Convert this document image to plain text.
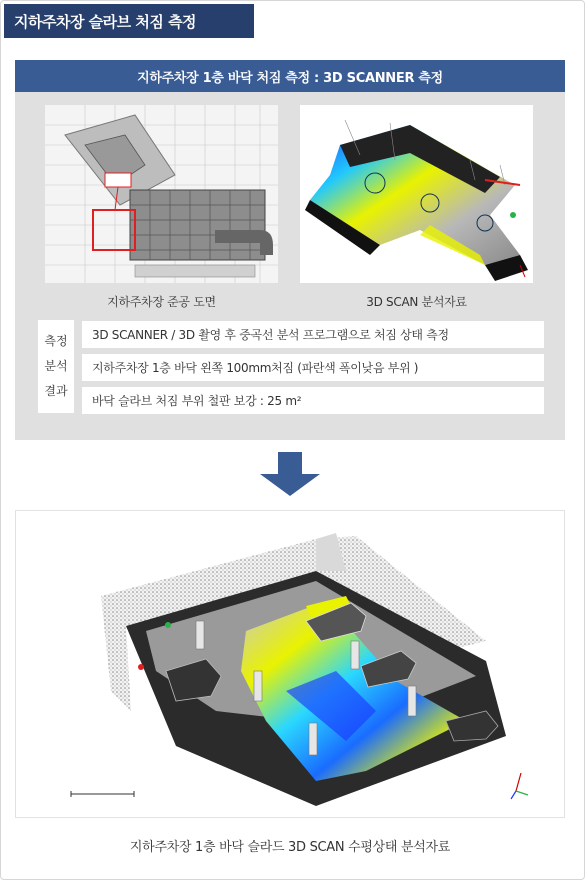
지하주차장 슬라브 처짐 측정
지하주차장 1층 바닥 처짐 측정 : 3D SCANNER 측정
지하주차장 준공 도면	3D SCAN 분석자료
측정
분석
결과
3D SCANNER / 3D 촬영 후 중곡선 분석 프로그램으로 처짐 상태 측정
지하주차장 1층 바닥 왼쪽 100mm처짐 (파란색 폭이낮음 부위 )
바닥 슬라브 처짐 부위 철판 보강 : 25 m²
지하주차장 1층 바닥 슬라드 3D SCAN 수평상태 분석자료
